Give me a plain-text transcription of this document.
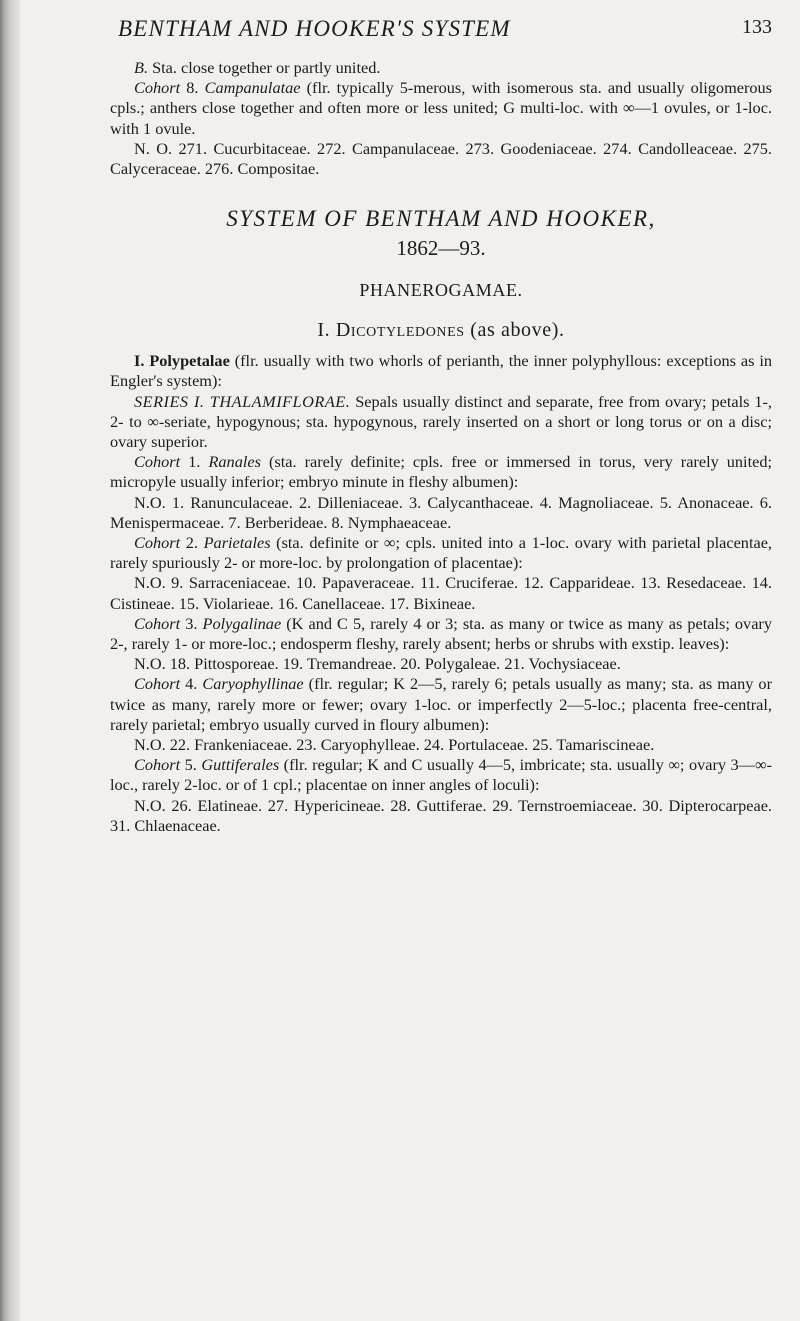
BENTHAM AND HOOKER'S SYSTEM	133

B. Sta. close together or partly united.

Cohort 8. Campanulatae (flr. typically 5-merous, with isomerous sta. and usually oligomerous cpls.; anthers close together and often more or less united; G multi-loc. with ∞—1 ovules, or 1-loc. with 1 ovule.

N. O. 271. Cucurbitaceae. 272. Campanulaceae. 273. Goodeniaceae. 274. Candolleaceae. 275. Calyceraceae. 276. Compositae.

SYSTEM OF BENTHAM AND HOOKER,
1862—93.
PHANEROGAMAE.
I. Dicotyledones (as above).

I. Polypetalae (flr. usually with two whorls of perianth, the inner polyphyllous: exceptions as in Engler's system):

SERIES I. THALAMIFLORAE. Sepals usually distinct and separate, free from ovary; petals 1-, 2- to ∞-seriate, hypogynous; sta. hypogynous, rarely inserted on a short or long torus or on a disc; ovary superior.

Cohort 1. Ranales (sta. rarely definite; cpls. free or immersed in torus, very rarely united; micropyle usually inferior; embryo minute in fleshy albumen):

N.O. 1. Ranunculaceae. 2. Dilleniaceae. 3. Calycanthaceae. 4. Magnoliaceae. 5. Anonaceae. 6. Menispermaceae. 7. Berberideae. 8. Nymphaeaceae.

Cohort 2. Parietales (sta. definite or ∞; cpls. united into a 1-loc. ovary with parietal placentae, rarely spuriously 2- or more-loc. by prolongation of placentae):

N.O. 9. Sarraceniaceae. 10. Papaveraceae. 11. Cruciferae. 12. Capparideae. 13. Resedaceae. 14. Cistineae. 15. Violarieae. 16. Canellaceae. 17. Bixineae.

Cohort 3. Polygalinae (K and C 5, rarely 4 or 3; sta. as many or twice as many as petals; ovary 2-, rarely 1- or more-loc.; endosperm fleshy, rarely absent; herbs or shrubs with exstip. leaves):

N.O. 18. Pittosporeae. 19. Tremandreae. 20. Polygaleae. 21. Vochysiaceae.

Cohort 4. Caryophyllinae (flr. regular; K 2—5, rarely 6; petals usually as many; sta. as many or twice as many, rarely more or fewer; ovary 1-loc. or imperfectly 2—5-loc.; placenta free-central, rarely parietal; embryo usually curved in floury albumen):

N.O. 22. Frankeniaceae. 23. Caryophylleae. 24. Portulaceae. 25. Tamariscineae.

Cohort 5. Guttiferales (flr. regular; K and C usually 4—5, imbricate; sta. usually ∞; ovary 3—∞-loc., rarely 2-loc. or of 1 cpl.; placentae on inner angles of loculi):

N.O. 26. Elatineae. 27. Hypericineae. 28. Guttiferae. 29. Ternstroemiaceae. 30. Dipterocarpeae. 31. Chlaenaceae.
